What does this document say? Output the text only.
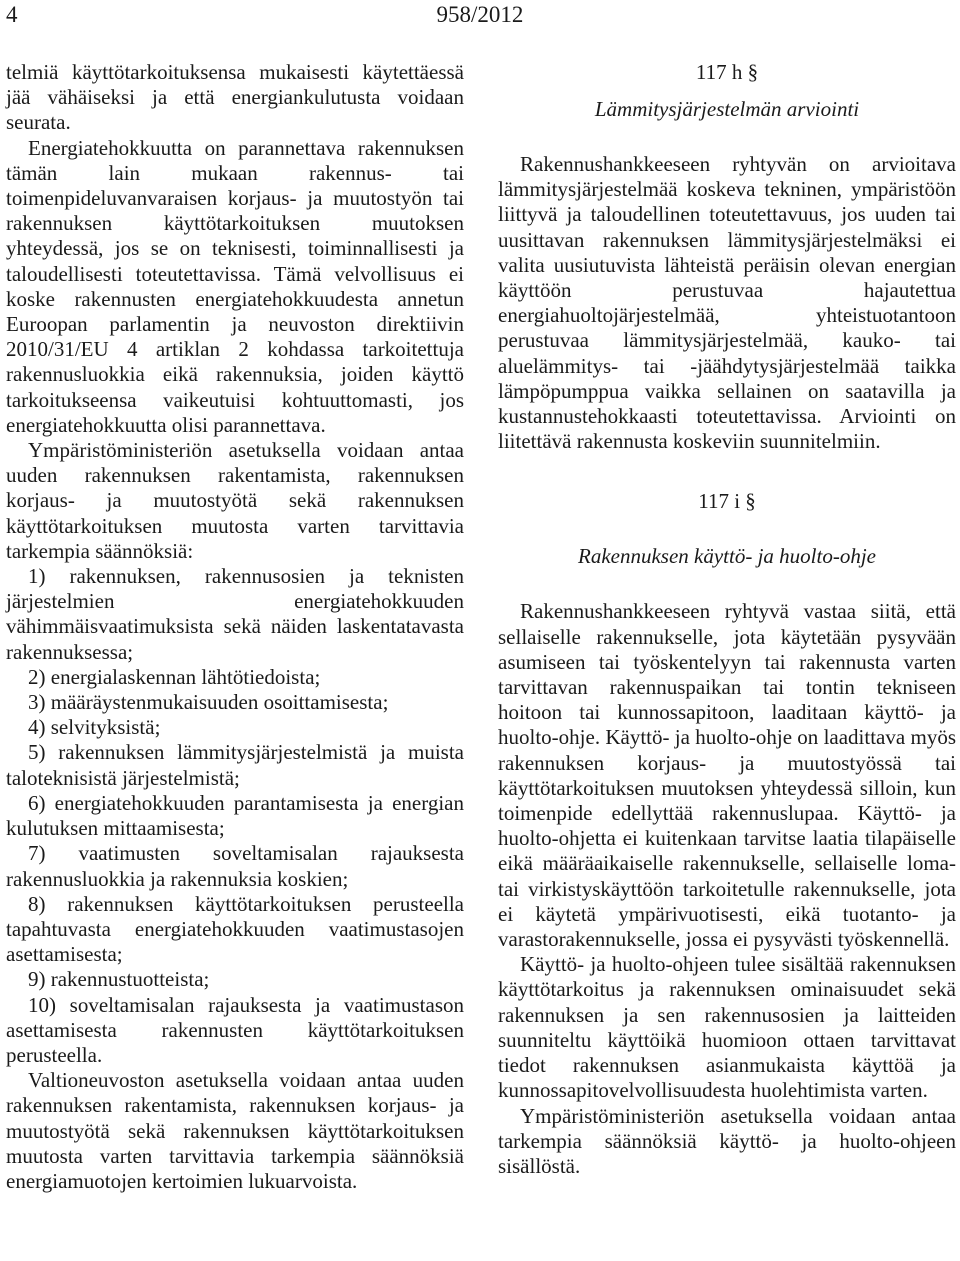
4	958/2012

telmiä käyttötarkoituksensa mukaisesti käytettäessä jää vähäiseksi ja että energiankulutusta voidaan seurata.

Energiatehokkuutta on parannettava rakennuksen tämän lain mukaan rakennus- tai toimenpideluvanvaraisen korjaus- ja muutostyön tai rakennuksen käyttötarkoituksen muutoksen yhteydessä, jos se on teknisesti, toiminnallisesti ja taloudellisesti toteutettavissa. Tämä velvollisuus ei koske rakennusten energiatehokkuudesta annetun Euroopan parlamentin ja neuvoston direktiivin 2010/31/EU 4 artiklan 2 kohdassa tarkoitettuja rakennusluokkia eikä rakennuksia, joiden käyttö tarkoitukseensa vaikeutuisi kohtuuttomasti, jos energiatehokkuutta olisi parannettava.

Ympäristöministeriön asetuksella voidaan antaa uuden rakennuksen rakentamista, rakennuksen korjaus- ja muutostyötä sekä rakennuksen käyttötarkoituksen muutosta varten tarvittavia tarkempia säännöksiä:

1) rakennuksen, rakennusosien ja teknisten järjestelmien energiatehokkuuden vähimmäisvaatimuksista sekä näiden laskentatavasta rakennuksessa;

2) energialaskennan lähtötiedoista;

3) määräystenmukaisuuden osoittamisesta;

4) selvityksistä;

5) rakennuksen lämmitysjärjestelmistä ja muista taloteknisistä järjestelmistä;

6) energiatehokkuuden parantamisesta ja energian kulutuksen mittaamisesta;

7) vaatimusten soveltamisalan rajauksesta rakennusluokkia ja rakennuksia koskien;

8) rakennuksen käyttötarkoituksen perusteella tapahtuvasta energiatehokkuuden vaatimustasojen asettamisesta;

9) rakennustuotteista;

10) soveltamisalan rajauksesta ja vaatimustason asettamisesta rakennusten käyttötarkoituksen perusteella.

Valtioneuvoston asetuksella voidaan antaa uuden rakennuksen rakentamista, rakennuksen korjaus- ja muutostyötä sekä rakennuksen käyttötarkoituksen muutosta varten tarvittavia tarkempia säännöksiä energiamuotojen kertoimien lukuarvoista.

117 h §

Lämmitysjärjestelmän arviointi

Rakennushankkeeseen ryhtyvän on arvioitava lämmitysjärjestelmää koskeva tekninen, ympäristöön liittyvä ja taloudellinen toteutettavuus, jos uuden tai uusittavan rakennuksen lämmitysjärjestelmäksi ei valita uusiutuvista lähteistä peräisin olevan energian käyttöön perustuvaa hajautettua energiahuoltojärjestelmää, yhteistuotantoon perustuvaa lämmitysjärjestelmää, kauko- tai aluelämmitys- tai -jäähdytysjärjestelmää taikka lämpöpumppua vaikka sellainen on saatavilla ja kustannustehokkaasti toteutettavissa. Arviointi on liitettävä rakennusta koskeviin suunnitelmiin.

117 i §

Rakennuksen käyttö- ja huolto-ohje

Rakennushankkeeseen ryhtyvä vastaa siitä, että sellaiselle rakennukselle, jota käytetään pysyvään asumiseen tai työskentelyyn tai rakennusta varten tarvittavan rakennuspaikan tai tontin tekniseen hoitoon tai kunnossapitoon, laaditaan käyttö- ja huolto-ohje. Käyttö- ja huolto-ohje on laadittava myös rakennuksen korjaus- ja muutostyössä tai käyttötarkoituksen muutoksen yhteydessä silloin, kun toimenpide edellyttää rakennuslupaa. Käyttö- ja huolto-ohjetta ei kuitenkaan tarvitse laatia tilapäiselle eikä määräaikaiselle rakennukselle, sellaiselle loma- tai virkistyskäyttöön tarkoitetulle rakennukselle, jota ei käytetä ympärivuotisesti, eikä tuotanto- ja varastorakennukselle, jossa ei pysyvästi työskennellä.

Käyttö- ja huolto-ohjeen tulee sisältää rakennuksen käyttötarkoitus ja rakennuksen ominaisuudet sekä rakennuksen ja sen rakennusosien ja laitteiden suunniteltu käyttöikä huomioon ottaen tarvittavat tiedot rakennuksen asianmukaista käyttöä ja kunnossapitovelvollisuudesta huolehtimista varten.

Ympäristöministeriön asetuksella voidaan antaa tarkempia säännöksiä käyttö- ja huolto-ohjeen sisällöstä.
